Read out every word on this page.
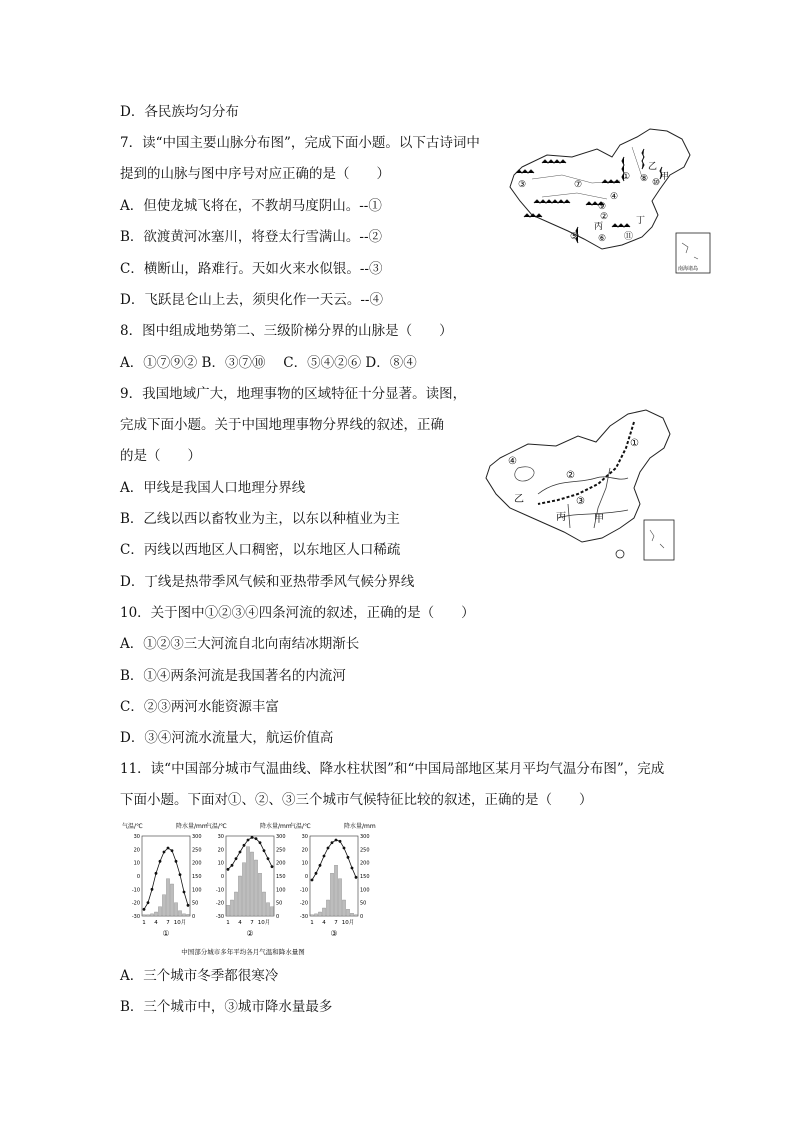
D．各民族均匀分布
7．读“中国主要山脉分布图”，完成下面小题。以下古诗词中
提到的山脉与图中序号对应正确的是（　　）
A．但使龙城飞将在，不教胡马度阴山。--①
B．欲渡黄河冰塞川，将登太行雪满山。--②
C．横断山，路难行。天如火来水似银。--③
D．飞跃昆仑山上去，须臾化作一天云。--④
8．图中组成地势第二、三级阶梯分界的山脉是（　　）
A．①⑦⑨② B．③⑦⑩　 C．⑤④②⑥ D．⑧④
9．我国地域广大，地理事物的区域特征十分显著。读图，
完成下面小题。关于中国地理事物分界线的叙述，正确
的是（　　）
A．甲线是我国人口地理分界线
B．乙线以西以畜牧业为主，以东以种植业为主
C．丙线以西地区人口稠密，以东地区人口稀疏
D．丁线是热带季风气候和亚热带季风气候分界线
10．关于图中①②③④四条河流的叙述，正确的是（　　）
A．①②③三大河流自北向南结冰期渐长
B．①④两条河流是我国著名的内流河
C．②③两河水能资源丰富
D．③④河流水流量大，航运价值高
11．读“中国部分城市气温曲线、降水柱状图”和“中国局部地区某月平均气温分布图”，完成
下面小题。下面对①、②、③三个城市气候特征比较的叙述，正确的是（　　）
A．三个城市冬季都很寒冷
B．三个城市中，③城市降水量最多
①
②
③
④
⑤ ⑥
⑦
⑧
⑨
⑩
⑪
甲
乙
丙
丁
南海诸岛
①
②
③
④
甲
乙
丙
中国部分城市多年平均各月气温和降水量图
气温/℃	降水量/mm
30
20
10
0
-10
-20
-30
300
250
200
150
100
50
0
1 4 7 10月
①
气温/℃	降水量/mm
30
20
10
0
-10
-20
-30
300
250
200
150
100
50
0
1 4 7 10月
②
气温/℃	降水量/mm
30
20
10
0
-10
-20
-30
300
250
200
150
100
50
0
1 4 7 10月
③
